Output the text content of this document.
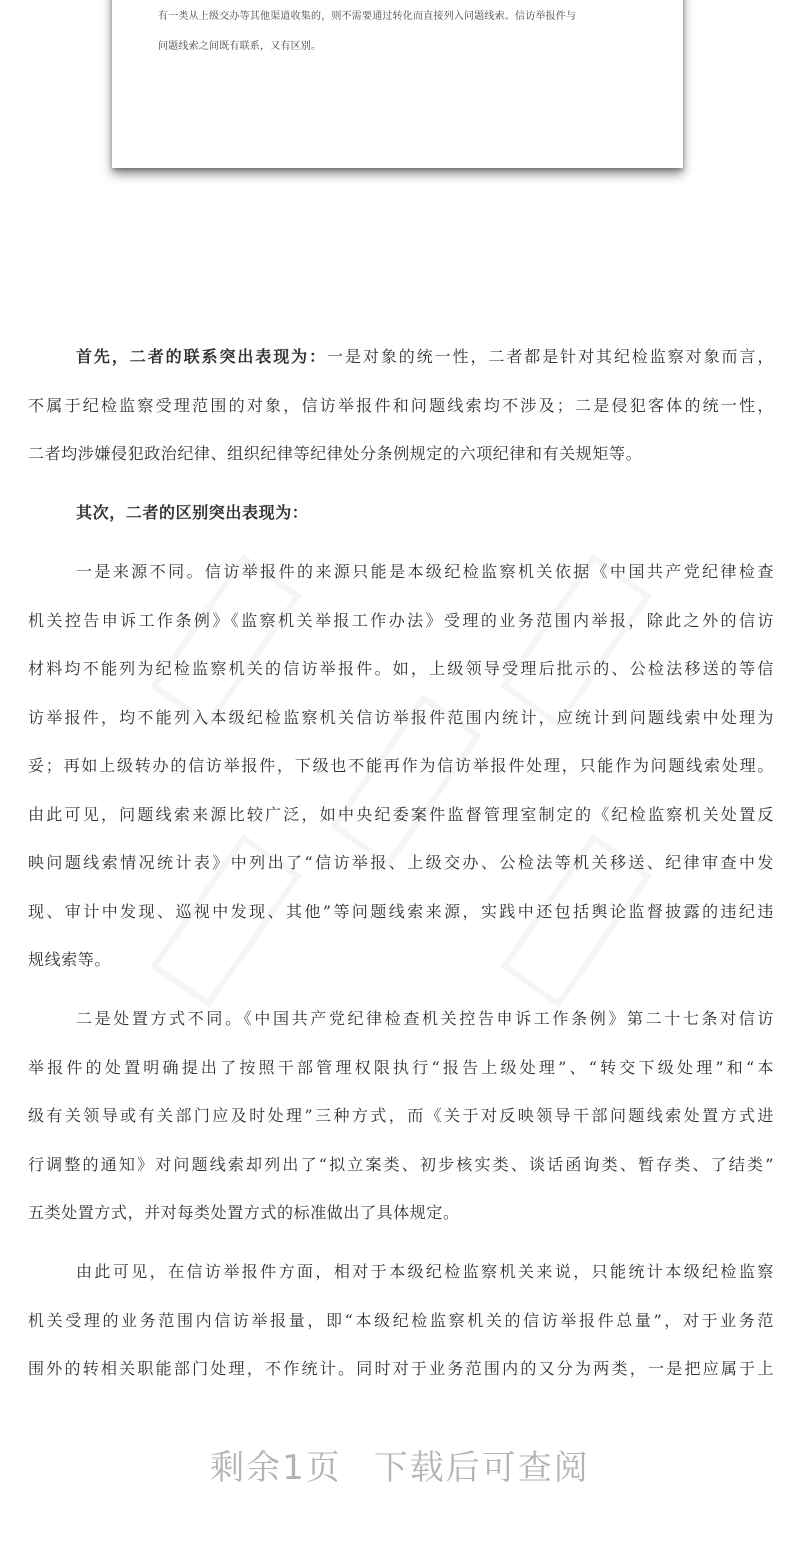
有一类从上级交办等其他渠道收集的，则不需要通过转化而直接列入问题线索。信访举报件与
问题线索之间既有联系，又有区别。
首先，二者的联系突出表现为：一是对象的统一性，二者都是针对其纪检监察对象而言，
不属于纪检监察受理范围的对象，信访举报件和问题线索均不涉及；二是侵犯客体的统一性，
二者均涉嫌侵犯政治纪律、组织纪律等纪律处分条例规定的六项纪律和有关规矩等。
其次，二者的区别突出表现为：
一是来源不同。信访举报件的来源只能是本级纪检监察机关依据《中国共产党纪律检查
机关控告申诉工作条例》《监察机关举报工作办法》受理的业务范围内举报，除此之外的信访
材料均不能列为纪检监察机关的信访举报件。如，上级领导受理后批示的、公检法移送的等信
访举报件，均不能列入本级纪检监察机关信访举报件范围内统计，应统计到问题线索中处理为
妥；再如上级转办的信访举报件，下级也不能再作为信访举报件处理，只能作为问题线索处理。
由此可见，问题线索来源比较广泛，如中央纪委案件监督管理室制定的《纪检监察机关处置反
映问题线索情况统计表》中列出了“信访举报、上级交办、公检法等机关移送、纪律审查中发
现、审计中发现、巡视中发现、其他”等问题线索来源，实践中还包括舆论监督披露的违纪违
规线索等。
二是处置方式不同。《中国共产党纪律检查机关控告申诉工作条例》第二十七条对信访
举报件的处置明确提出了按照干部管理权限执行“报告上级处理”、“转交下级处理”和“本
级有关领导或有关部门应及时处理”三种方式，而《关于对反映领导干部问题线索处置方式进
行调整的通知》对问题线索却列出了“拟立案类、初步核实类、谈话函询类、暂存类、了结类”
五类处置方式，并对每类处置方式的标准做出了具体规定。
由此可见，在信访举报件方面，相对于本级纪检监察机关来说，只能统计本级纪检监察
机关受理的业务范围内信访举报量，即“本级纪检监察机关的信访举报件总量”，对于业务范
围外的转相关职能部门处理，不作统计。同时对于业务范围内的又分为两类，一是把应属于上
剩余1页 下载后可查阅
